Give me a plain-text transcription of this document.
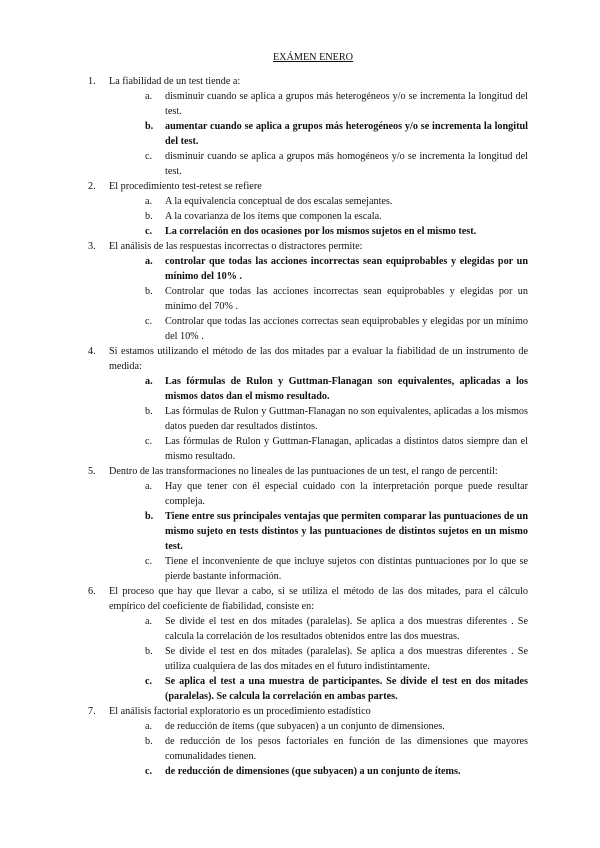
EXÁMEN ENERO
1. La fiabilidad de un test tiende a:
a. disminuir cuando se aplica a grupos más heterogéneos y/o se incrementa la longitud del test.
b. aumentar cuando se aplica a grupos más heterogéneos y/o se incrementa la longitul del test.
c. disminuir cuando se aplica a grupos más homogéneos y/o se incrementa la longitud del test.
2. El procedimiento test-retest se refiere
a. A la equivalencia conceptual de dos escalas semejantes.
b. A la covarianza de los ítems que componen la escala.
c. La correlación en dos ocasiones por los mismos sujetos en el mismo test.
3. El análisis de las respuestas incorrectas o distractores permite:
a. controlar que todas las acciones incorrectas sean equiprobables y elegidas por un mínimo del 10% .
b. Controlar que todas las acciones incorrectas sean equiprobables y elegidas por un mínimo del 70% .
c. Controlar que todas las acciones correctas sean equiprobables y elegidas por un mínimo del 10% .
4. Si estamos utilizando el método de las dos mitades par a evaluar la fiabilidad de un instrumento de medida:
a. Las fórmulas de Rulon y Guttman-Flanagan son equivalentes, aplicadas a los mismos datos dan el mismo resultado.
b. Las fórmulas de Rulon y Guttman-Flanagan no son equivalentes, aplicadas a los mismos datos pueden dar resultados distintos.
c. Las fórmulas de Rulon y Guttman-Flanagan, aplicadas a distintos datos siempre dan el mismo resultado.
5. Dentro de las transformaciones no lineales de las puntuaciones de un test, el rango de percentil:
a. Hay que tener con él especial cuidado con la interpretación porque puede resultar compleja.
b. Tiene entre sus principales ventajas que permiten comparar las puntuaciones de un mismo sujeto en tests distintos y las puntuaciones de distintos sujetos en un mismo test.
c. Tiene el inconveniente de que incluye sujetos con distintas puntuaciones por lo que se pierde bastante información.
6. El proceso que hay que llevar a cabo, si se utiliza el método de las dos mitades, para el cálculo empírico del coeficiente de fiabilidad, consiste en:
a. Se divide el test en dos mitades (paralelas). Se aplica a dos muestras diferentes . Se calcula la correlación de los resultados obtenidos entre las dos muestras.
b. Se divide el test en dos mitades (paralelas). Se aplica a dos muestras diferentes . Se utiliza cualquiera de las dos mitades en el futuro indistintamente.
c. Se aplica el test a una muestra de participantes. Se divide el test en dos mitades (paralelas). Se calcula la correlación en ambas partes.
7. El análisis factorial exploratorio es un procedimiento estadístico
a. de reducción de ítems (que subyacen) a un conjunto de dimensiones.
b. de reducción de los pesos factoriales en función de las dimensiones que mayores comunalidades tienen.
c. de reducción de dimensiones (que subyacen) a un conjunto de ítems.
